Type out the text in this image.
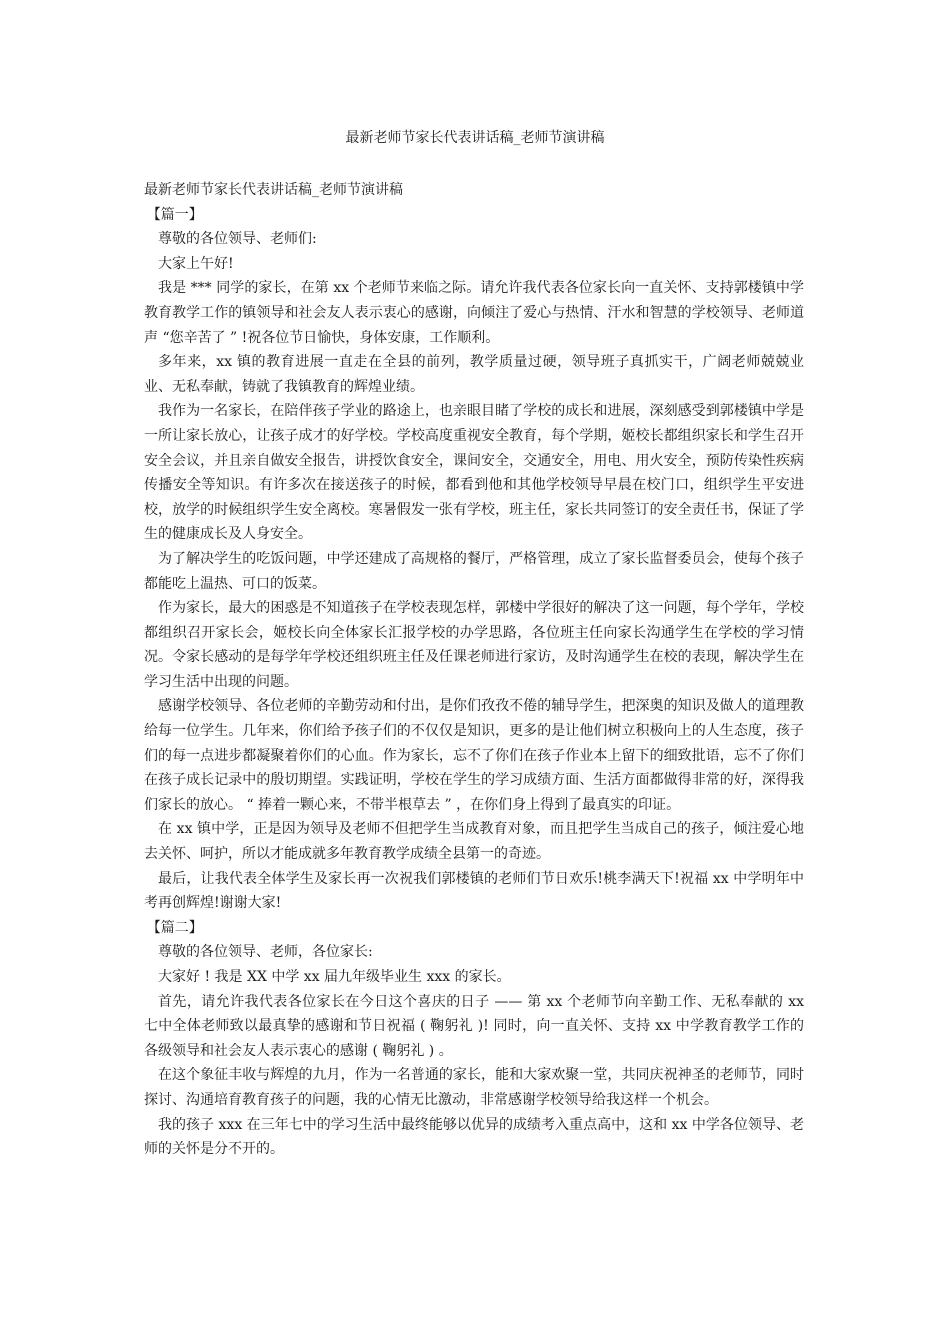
最新老师节家长代表讲话稿_老师节演讲稿

最新老师节家长代表讲话稿_老师节演讲稿

【篇一】

尊敬的各位领导、老师们:

大家上午好!

我是 *** 同学的家长，在第 xx 个老师节来临之际。请允许我代表各位家长向一直关怀、支持郭楼镇中学教育教学工作的镇领导和社会友人表示衷心的感谢，向倾注了爱心与热情、汗水和智慧的学校领导、老师道声 “您辛苦了 ” !祝各位节日愉快，身体安康，工作顺利。

多年来，xx 镇的教育进展一直走在全县的前列，教学质量过硬，领导班子真抓实干，广阔老师兢兢业业、无私奉献，铸就了我镇教育的辉煌业绩。

我作为一名家长，在陪伴孩子学业的路途上，也亲眼目睹了学校的成长和进展，深刻感受到郭楼镇中学是一所让家长放心，让孩子成才的好学校。学校高度重视安全教育，每个学期，姬校长都组织家长和学生召开安全会议，并且亲自做安全报告，讲授饮食安全，课间安全，交通安全，用电、用火安全，预防传染性疾病传播安全等知识。有许多次在接送孩子的时候，都看到他和其他学校领导早晨在校门口，组织学生平安进校，放学的时候组织学生安全离校。寒暑假发一张有学校，班主任，家长共同签订的安全责任书，保证了学生的健康成长及人身安全。

为了解决学生的吃饭问题，中学还建成了高规格的餐厅，严格管理，成立了家长监督委员会，使每个孩子都能吃上温热、可口的饭菜。

作为家长，最大的困惑是不知道孩子在学校表现怎样，郭楼中学很好的解决了这一问题，每个学年，学校都组织召开家长会，姬校长向全体家长汇报学校的办学思路，各位班主任向家长沟通学生在学校的学习情况。令家长感动的是每学年学校还组织班主任及任课老师进行家访，及时沟通学生在校的表现，解决学生在学习生活中出现的问题。

感谢学校领导、各位老师的辛勤劳动和付出，是你们孜孜不倦的辅导学生，把深奥的知识及做人的道理教给每一位学生。几年来，你们给予孩子们的不仅仅是知识，更多的是让他们树立积极向上的人生态度，孩子们的每一点进步都凝聚着你们的心血。作为家长，忘不了你们在孩子作业本上留下的细致批语，忘不了你们在孩子成长记录中的殷切期望。实践证明，学校在学生的学习成绩方面、生活方面都做得非常的好，深得我们家长的放心。 “ 捧着一颗心来，不带半根草去 ” ，在你们身上得到了最真实的印证。

在 xx 镇中学，正是因为领导及老师不但把学生当成教育对象，而且把学生当成自己的孩子，倾注爱心地去关怀、呵护，所以才能成就多年教育教学成绩全县第一的奇迹。

最后，让我代表全体学生及家长再一次祝我们郭楼镇的老师们节日欢乐!桃李满天下!祝福 xx 中学明年中考再创辉煌!谢谢大家!

【篇二】

尊敬的各位领导、老师，各位家长:

大家好 ! 我是 XX 中学 xx 届九年级毕业生 xxx 的家长。

首先，请允许我代表各位家长在今日这个喜庆的日子 —— 第 xx 个老师节向辛勤工作、无私奉献的 xx 七中全体老师致以最真挚的感谢和节日祝福 ( 鞠躬礼 )! 同时，向一直关怀、支持 xx 中学教育教学工作的各级领导和社会友人表示衷心的感谢 ( 鞠躬礼 ) 。

在这个象征丰收与辉煌的九月，作为一名普通的家长，能和大家欢聚一堂，共同庆祝神圣的老师节，同时探讨、沟通培育教育孩子的问题，我的心情无比激动，非常感谢学校领导给我这样一个机会。

我的孩子 xxx 在三年七中的学习生活中最终能够以优异的成绩考入重点高中，这和 xx 中学各位领导、老师的关怀是分不开的。
